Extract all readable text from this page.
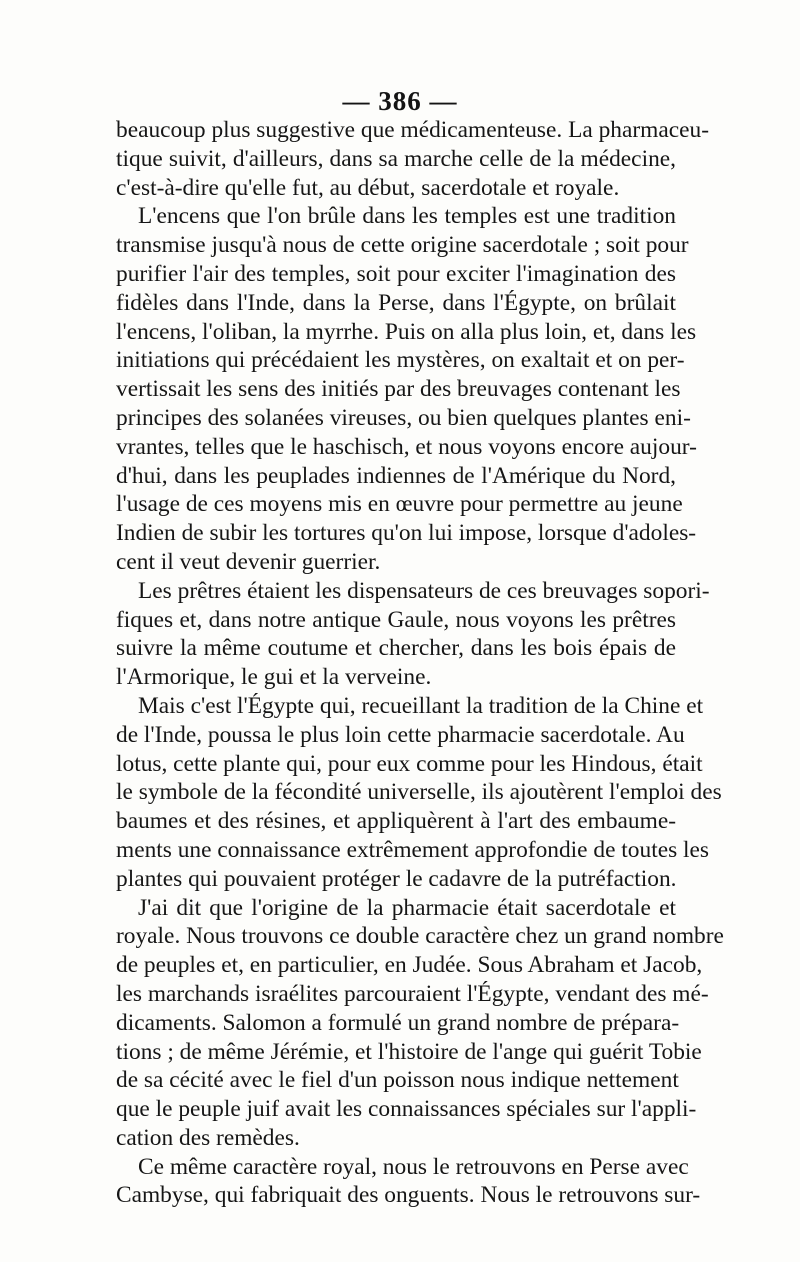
— 386 —
beaucoup plus suggestive que médicamenteuse. La pharmaceu-
tique suivit, d'ailleurs, dans sa marche celle de la médecine,
c'est-à-dire qu'elle fut, au début, sacerdotale et royale.
L'encens que l'on brûle dans les temples est une tradition
transmise jusqu'à nous de cette origine sacerdotale ; soit pour
purifier l'air des temples, soit pour exciter l'imagination des
fidèles dans l'Inde, dans la Perse, dans l'Égypte, on brûlait
l'encens, l'oliban, la myrrhe. Puis on alla plus loin, et, dans les
initiations qui précédaient les mystères, on exaltait et on per-
vertissait les sens des initiés par des breuvages contenant les
principes des solanées vireuses, ou bien quelques plantes eni-
vrantes, telles que le haschisch, et nous voyons encore aujour-
d'hui, dans les peuplades indiennes de l'Amérique du Nord,
l'usage de ces moyens mis en œuvre pour permettre au jeune
Indien de subir les tortures qu'on lui impose, lorsque d'adoles-
cent il veut devenir guerrier.
Les prêtres étaient les dispensateurs de ces breuvages sopori-
fiques et, dans notre antique Gaule, nous voyons les prêtres
suivre la même coutume et chercher, dans les bois épais de
l'Armorique, le gui et la verveine.
Mais c'est l'Égypte qui, recueillant la tradition de la Chine et
de l'Inde, poussa le plus loin cette pharmacie sacerdotale. Au
lotus, cette plante qui, pour eux comme pour les Hindous, était
le symbole de la fécondité universelle, ils ajoutèrent l'emploi des
baumes et des résines, et appliquèrent à l'art des embaume-
ments une connaissance extrêmement approfondie de toutes les
plantes qui pouvaient protéger le cadavre de la putréfaction.
J'ai dit que l'origine de la pharmacie était sacerdotale et
royale. Nous trouvons ce double caractère chez un grand nombre
de peuples et, en particulier, en Judée. Sous Abraham et Jacob,
les marchands israélites parcouraient l'Égypte, vendant des mé-
dicaments. Salomon a formulé un grand nombre de prépara-
tions ; de même Jérémie, et l'histoire de l'ange qui guérit Tobie
de sa cécité avec le fiel d'un poisson nous indique nettement
que le peuple juif avait les connaissances spéciales sur l'appli-
cation des remèdes.
Ce même caractère royal, nous le retrouvons en Perse avec
Cambyse, qui fabriquait des onguents. Nous le retrouvons sur-
